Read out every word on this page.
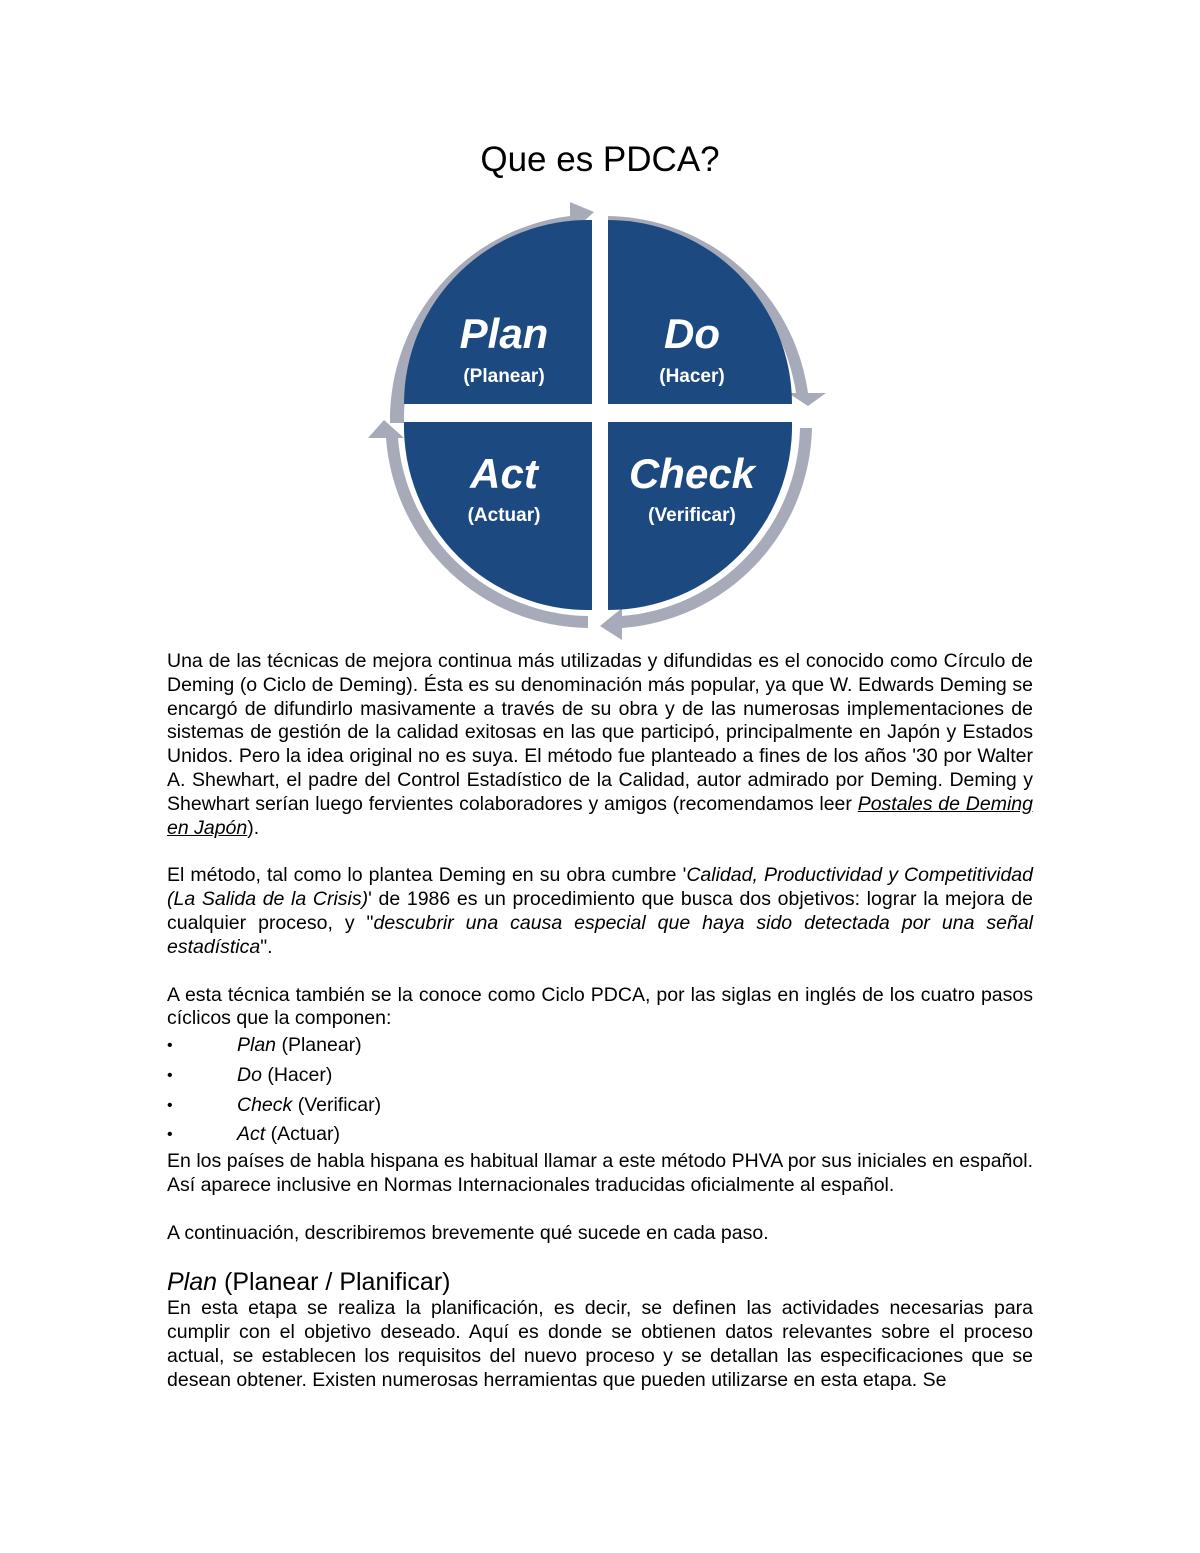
Que es PDCA?
Plan
(Planear)
Do
(Hacer)
Act
(Actuar)
Check
(Verificar)

Una de las técnicas de mejora continua más utilizadas y difundidas es el conocido como Círculo de Deming (o Ciclo de Deming). Ésta es su denominación más popular, ya que W. Edwards Deming se encargó de difundirlo masivamente a través de su obra y de las numerosas implementaciones de sistemas de gestión de la calidad exitosas en las que participó, principalmente en Japón y Estados Unidos. Pero la idea original no es suya. El método fue planteado a fines de los años '30 por Walter A. Shewhart, el padre del Control Estadístico de la Calidad, autor admirado por Deming. Deming y Shewhart serían luego fervientes colaboradores y amigos (recomendamos leer Postales de Deming en Japón).

El método, tal como lo plantea Deming en su obra cumbre 'Calidad, Productividad y Competitividad (La Salida de la Crisis)' de 1986 es un procedimiento que busca dos objetivos: lograr la mejora de cualquier proceso, y "descubrir una causa especial que haya sido detectada por una señal estadística".

A esta técnica también se la conoce como Ciclo PDCA, por las siglas en inglés de los cuatro pasos cíclicos que la componen:

•	Plan (Planear)
•	Do (Hacer)
•	Check (Verificar)
•	Act (Actuar)

En los países de habla hispana es habitual llamar a este método PHVA por sus iniciales en español. Así aparece inclusive en Normas Internacionales traducidas oficialmente al español.

A continuación, describiremos brevemente qué sucede en cada paso.

Plan (Planear / Planificar)

En esta etapa se realiza la planificación, es decir, se definen las actividades necesarias para cumplir con el objetivo deseado. Aquí es donde se obtienen datos relevantes sobre el proceso actual, se establecen los requisitos del nuevo proceso y se detallan las especificaciones que se desean obtener. Existen numerosas herramientas que pueden utilizarse en esta etapa. Se
